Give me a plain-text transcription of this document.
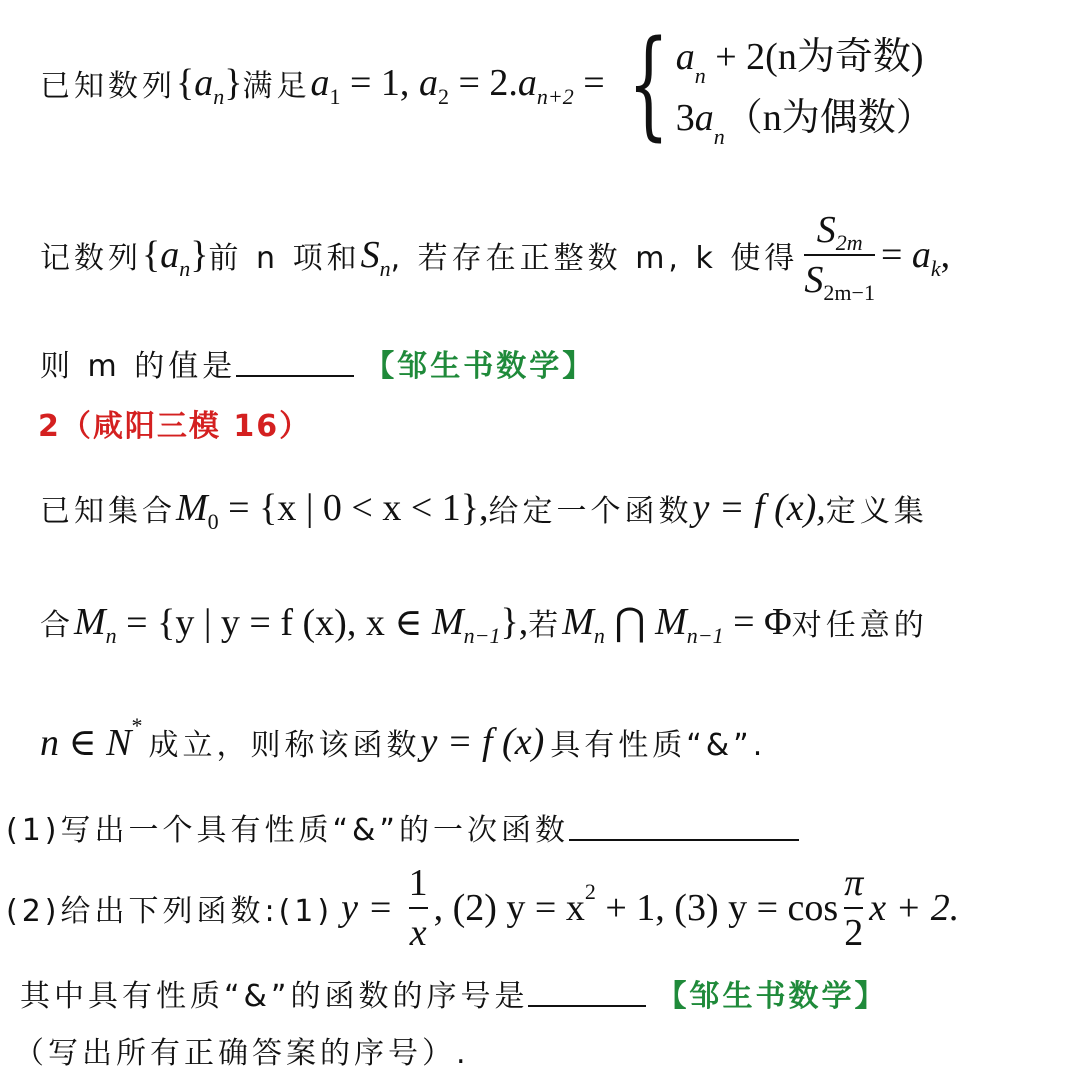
已知数列 { a n } 满足 a 1 = 1, a 2 = 2. a n+2 = { a n + 2(n为奇数)
3 a n （n为偶数）
记数列 { a n } 前 n 项和 S n , 若存在正整数 m, k 使得 $\frac{S 2m}{S 2m-1} = a$ k ,
则 m 的值是	【邹生书数学】
2（咸阳三模 16）
已知集合 M 0 = {x | 0 < x < 1}, 给定一个函数 y = f (x), 定义集
合 M n = {y | y = f (x), x ∈ M n−1 }, 若 M n ⋂ M n−1 = Φ 对任意的
n ∈ N *
成立，则称该函数 y = f (x) 具有性质“&”.
(1)写出一个具有性质“&”的一次函数
(2)给出下列函数:(1) $y = \frac{1}{x}$ , (2) y = x 2 + 1, (3) $y = \cos \frac{\pi}{2}$ x + 2.
其中具有性质“&”的函数的序号是	【邹生书数学】
（写出所有正确答案的序号）.
